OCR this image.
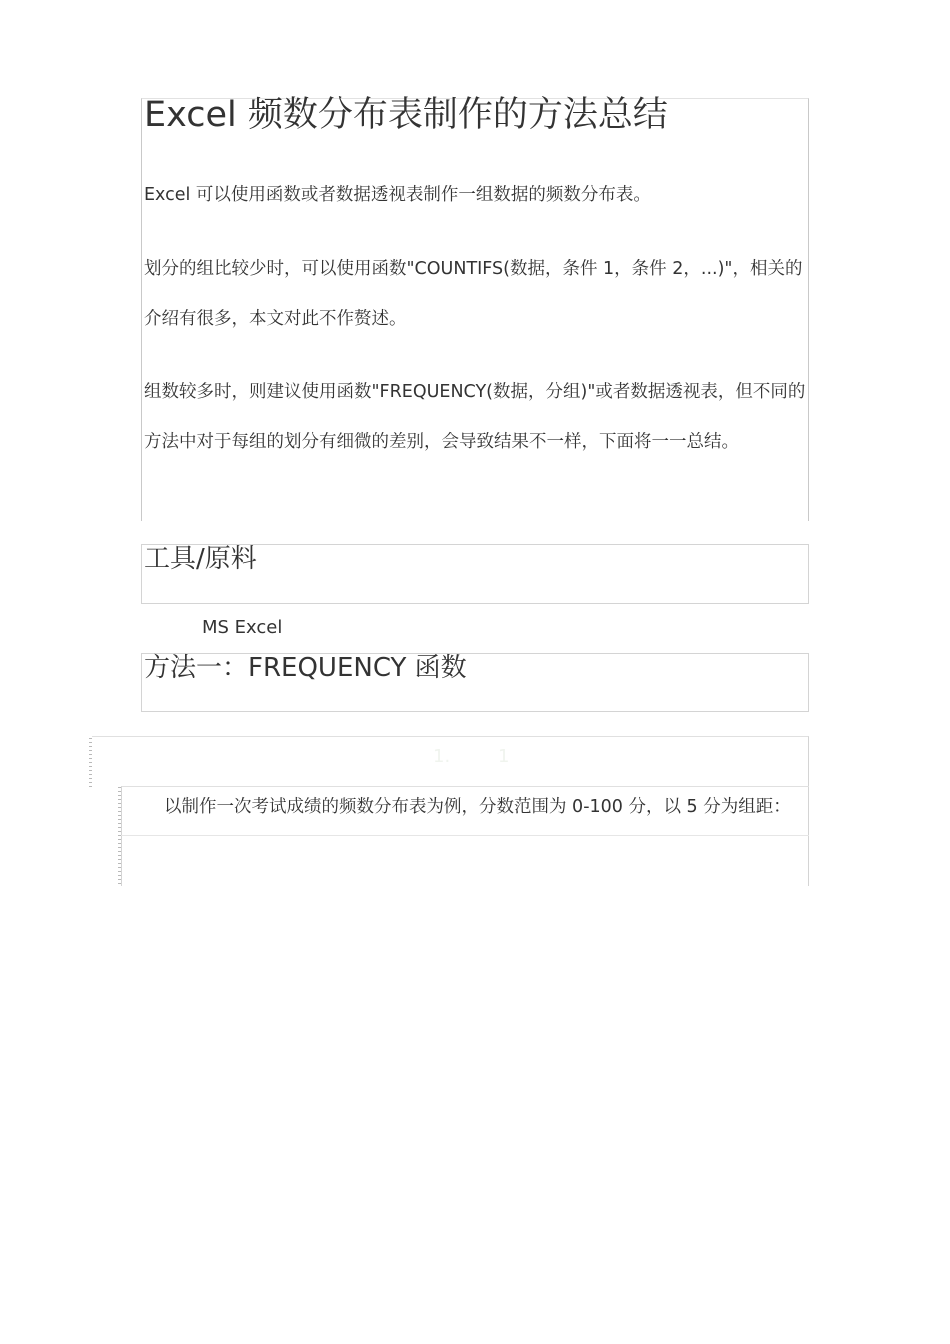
Excel 频数分布表制作的方法总结

Excel 可以使用函数或者数据透视表制作一组数据的频数分布表。

划分的组比较少时，可以使用函数"COUNTIFS(数据，条件 1，条件 2，...)"，相关的介绍有很多，本文对此不作赘述。

组数较多时，则建议使用函数"FREQUENCY(数据，分组)"或者数据透视表，但不同的方法中对于每组的划分有细微的差别，会导致结果不一样，下面将一一总结。

工具/原料

MS Excel

方法一：FREQUENCY 函数
1.	1

以制作一次考试成绩的频数分布表为例，分数范围为 0-100 分，以 5 分为组距：
